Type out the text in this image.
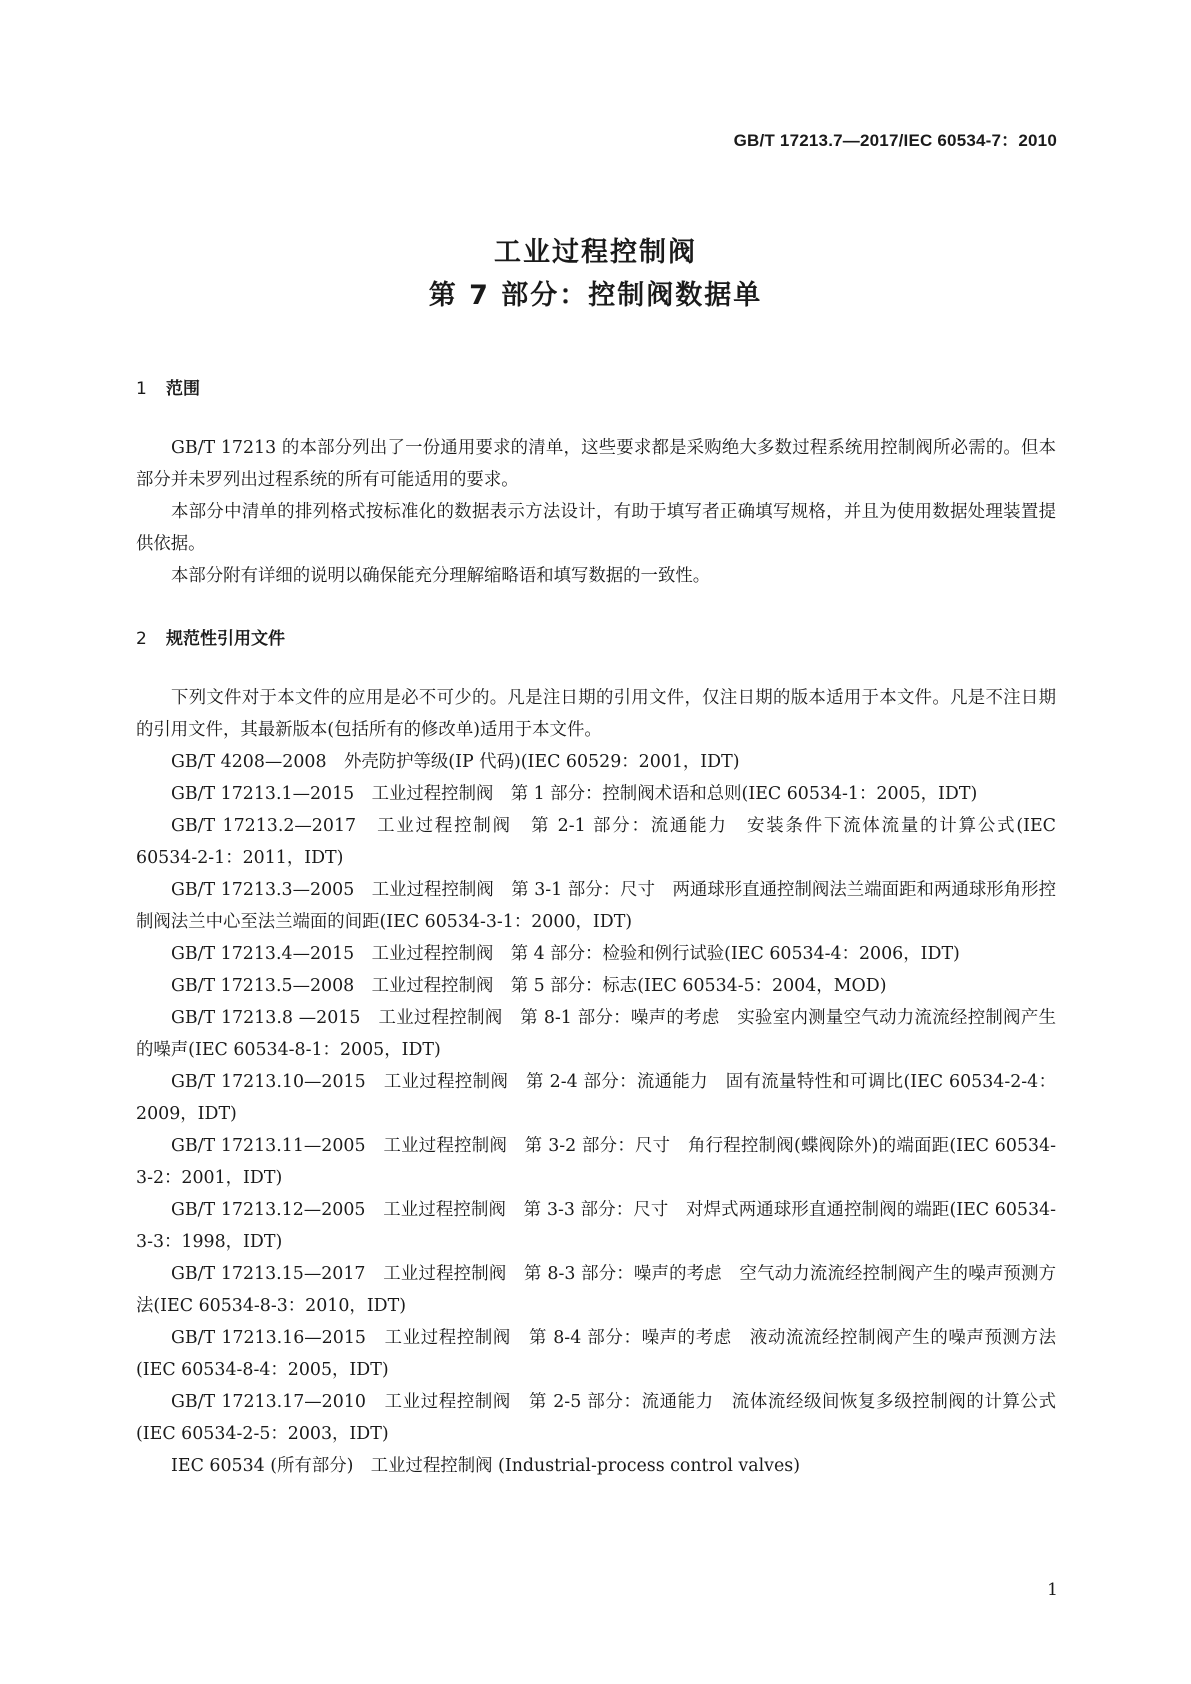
GB/T 17213.7—2017/IEC 60534-7：2010
工业过程控制阀
第 7 部分：控制阀数据单
1 范围

GB/T 17213 的本部分列出了一份通用要求的清单，这些要求都是采购绝大多数过程系统用控制阀所必需的。但本部分并未罗列出过程系统的所有可能适用的要求。

本部分中清单的排列格式按标准化的数据表示方法设计，有助于填写者正确填写规格，并且为使用数据处理装置提供依据。

本部分附有详细的说明以确保能充分理解缩略语和填写数据的一致性。

2 规范性引用文件

下列文件对于本文件的应用是必不可少的。凡是注日期的引用文件，仅注日期的版本适用于本文件。凡是不注日期的引用文件，其最新版本(包括所有的修改单)适用于本文件。

GB/T 4208—2008　外壳防护等级(IP 代码)(IEC 60529：2001，IDT)

GB/T 17213.1—2015　工业过程控制阀　第 1 部分：控制阀术语和总则(IEC 60534-1：2005，IDT)

GB/T 17213.2—2017　工业过程控制阀　第 2-1 部分：流通能力　安装条件下流体流量的计算公式(IEC 60534-2-1：2011，IDT)

GB/T 17213.3—2005　工业过程控制阀　第 3-1 部分：尺寸　两通球形直通控制阀法兰端面距和两通球形角形控制阀法兰中心至法兰端面的间距(IEC 60534-3-1：2000，IDT)

GB/T 17213.4—2015　工业过程控制阀　第 4 部分：检验和例行试验(IEC 60534-4：2006，IDT)

GB/T 17213.5—2008　工业过程控制阀　第 5 部分：标志(IEC 60534-5：2004，MOD)

GB/T 17213.8 —2015　工业过程控制阀　第 8-1 部分：噪声的考虑　实验室内测量空气动力流流经控制阀产生的噪声(IEC 60534-8-1：2005，IDT)

GB/T 17213.10—2015　工业过程控制阀　第 2-4 部分：流通能力　固有流量特性和可调比(IEC 60534-2-4：2009，IDT)

GB/T 17213.11—2005　工业过程控制阀　第 3-2 部分：尺寸　角行程控制阀(蝶阀除外)的端面距(IEC 60534-3-2：2001，IDT)

GB/T 17213.12—2005　工业过程控制阀　第 3-3 部分：尺寸　对焊式两通球形直通控制阀的端距(IEC 60534-3-3：1998，IDT)

GB/T 17213.15—2017　工业过程控制阀　第 8-3 部分：噪声的考虑　空气动力流流经控制阀产生的噪声预测方法(IEC 60534-8-3：2010，IDT)

GB/T 17213.16—2015　工业过程控制阀　第 8-4 部分：噪声的考虑　液动流流经控制阀产生的噪声预测方法(IEC 60534-8-4：2005，IDT)

GB/T 17213.17—2010　工业过程控制阀　第 2-5 部分：流通能力　流体流经级间恢复多级控制阀的计算公式(IEC 60534-2-5：2003，IDT)

IEC 60534 (所有部分)　工业过程控制阀 (Industrial-process control valves)

1
